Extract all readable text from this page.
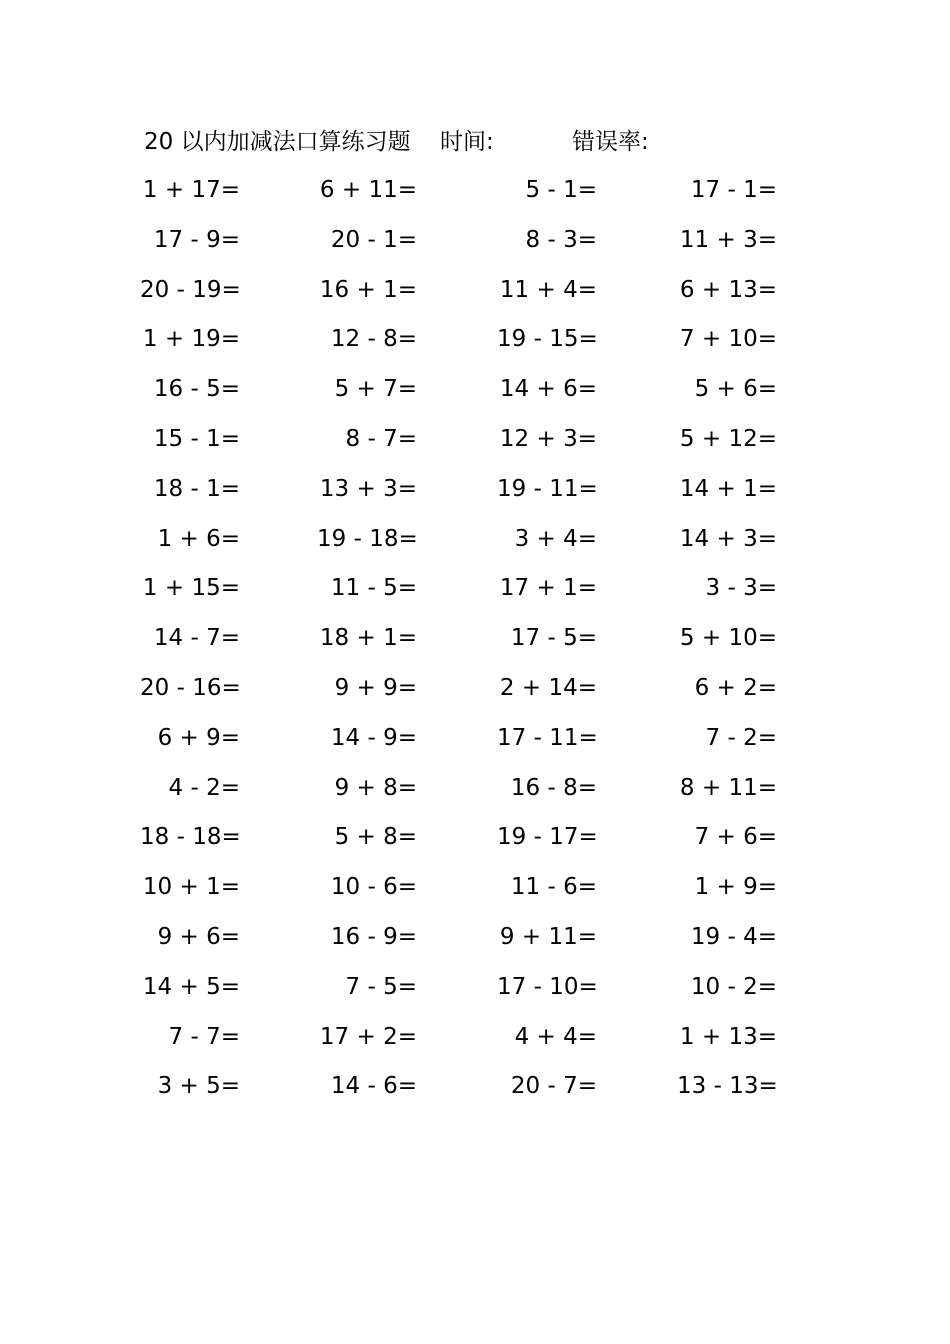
20 以内加减法口算练习题 时间:	错误率:
1 + 17=	6 + 11=	5 - 1=	17 - 1=
17 - 9=	20 - 1=	8 - 3=	11 + 3=
20 - 19=	16 + 1=	11 + 4=	6 + 13=
1 + 19=	12 - 8=	19 - 15=	7 + 10=
16 - 5=	5 + 7=	14 + 6=	5 + 6=
15 - 1=	8 - 7=	12 + 3=	5 + 12=
18 - 1=	13 + 3=	19 - 11=	14 + 1=
1 + 6=	19 - 18=	3 + 4=	14 + 3=
1 + 15=	11 - 5=	17 + 1=	3 - 3=
14 - 7=	18 + 1=	17 - 5=	5 + 10=
20 - 16=	9 + 9=	2 + 14=	6 + 2=
6 + 9=	14 - 9=	17 - 11=	7 - 2=
4 - 2=	9 + 8=	16 - 8=	8 + 11=
18 - 18=	5 + 8=	19 - 17=	7 + 6=
10 + 1=	10 - 6=	11 - 6=	1 + 9=
9 + 6=	16 - 9=	9 + 11=	19 - 4=
14 + 5=	7 - 5=	17 - 10=	10 - 2=
7 - 7=	17 + 2=	4 + 4=	1 + 13=
3 + 5=	14 - 6=	20 - 7=	13 - 13=
